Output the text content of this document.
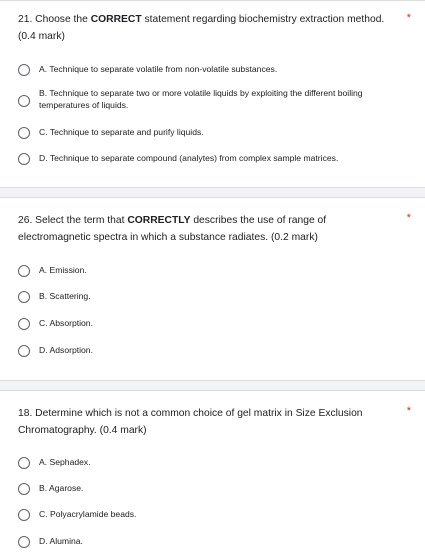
21. Choose the CORRECT statement regarding biochemistry extraction method. (0.4 mark)
*
A. Technique to separate volatile from non-volatile substances.
B. Technique to separate two or more volatile liquids by exploiting the different boiling temperatures of liquids.
C. Technique to separate and purify liquids.
D. Technique to separate compound (analytes) from complex sample matrices.
26. Select the term that CORRECTLY describes the use of range of electromagnetic spectra in which a substance radiates. (0.2 mark)
*
A. Emission.
B. Scattering.
C. Absorption.
D. Adsorption.
18. Determine which is not a common choice of gel matrix in Size Exclusion Chromatography. (0.4 mark)
*
A. Sephadex.
B. Agarose.
C. Polyacrylamide beads.
D. Alumina.
